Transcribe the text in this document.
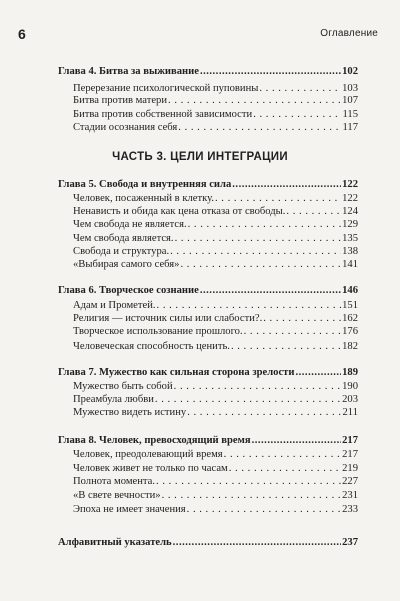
6	Оглавление
ЧАСТЬ 3. ЦЕЛИ ИНТЕГРАЦИИ
Глава 4. Битва за выживание .....	102
Перерезание психологической пуповины . . .	103
Битва против матери . . .	107
Битва против собственной зависимости . . .	115
Стадии осознания себя . . .	117
Глава 5. Свобода и внутренняя сила .....	122
Человек, посаженный в клетку. . . .	122
Ненависть и обида как цена отказа от свободы. . . .	124
Чем свобода не является. . . .	129
Чем свобода является. . . .	135
Свобода и структура. . . .	138
«Выбирая самого себя» . . .	141
Глава 6. Творческое сознание .....	146
Адам и Прометей. . . .	151
Религия — источник силы или слабости?. . . .	162
Творческое использование прошлого. . . .	176
Человеческая способность ценить. . . .	182
Глава 7. Мужество как сильная сторона зрелости .....	189
Мужество быть собой . . .	190
Преамбула любви . . .	203
Мужество видеть истину . . .	211
Глава 8. Человек, превосходящий время .....	217
Человек, преодолевающий время . . .	217
Человек живет не только по часам . . .	219
Полнота момента. . . .	227
«В свете вечности» . . .	231
Эпоха не имеет значения . . .	233
Алфавитный указатель .....	237
